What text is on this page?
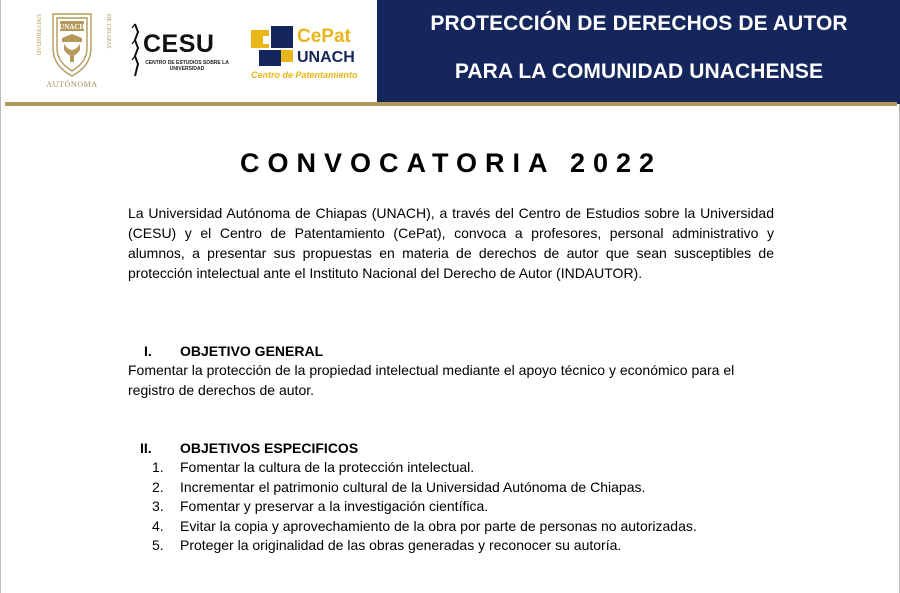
UNACH
UNIVERSIDAD	DE CHIAPAS
AUTÓNOMA
CESU
CENTRO DE ESTUDIOS SOBRE LA UNIVERSIDAD
CePat
UNACH
Centro de Patentamiento
PROTECCIÓN DE DERECHOS DE AUTOR
PARA LA COMUNIDAD UNACHENSE
CONVOCATORIA 2022

La Universidad Autónoma de Chiapas (UNACH), a través del Centro de Estudios sobre la Universidad (CESU) y el Centro de Patentamiento (CePat), convoca a profesores, personal administrativo y alumnos, a presentar sus propuestas en materia de derechos de autor que sean susceptibles de protección intelectual ante el Instituto Nacional del Derecho de Autor (INDAUTOR).

I. OBJETIVO GENERAL

Fomentar la protección de la propiedad intelectual mediante el apoyo técnico y económico para el registro de derechos de autor.

II. OBJETIVOS ESPECIFICOS
1.	Fomentar la cultura de la protección intelectual.
2.	Incrementar el patrimonio cultural de la Universidad Autónoma de Chiapas.
3.	Fomentar y preservar a la investigación científica.
4.	Evitar la copia y aprovechamiento de la obra por parte de personas no autorizadas.
5.	Proteger la originalidad de las obras generadas y reconocer su autoría.
